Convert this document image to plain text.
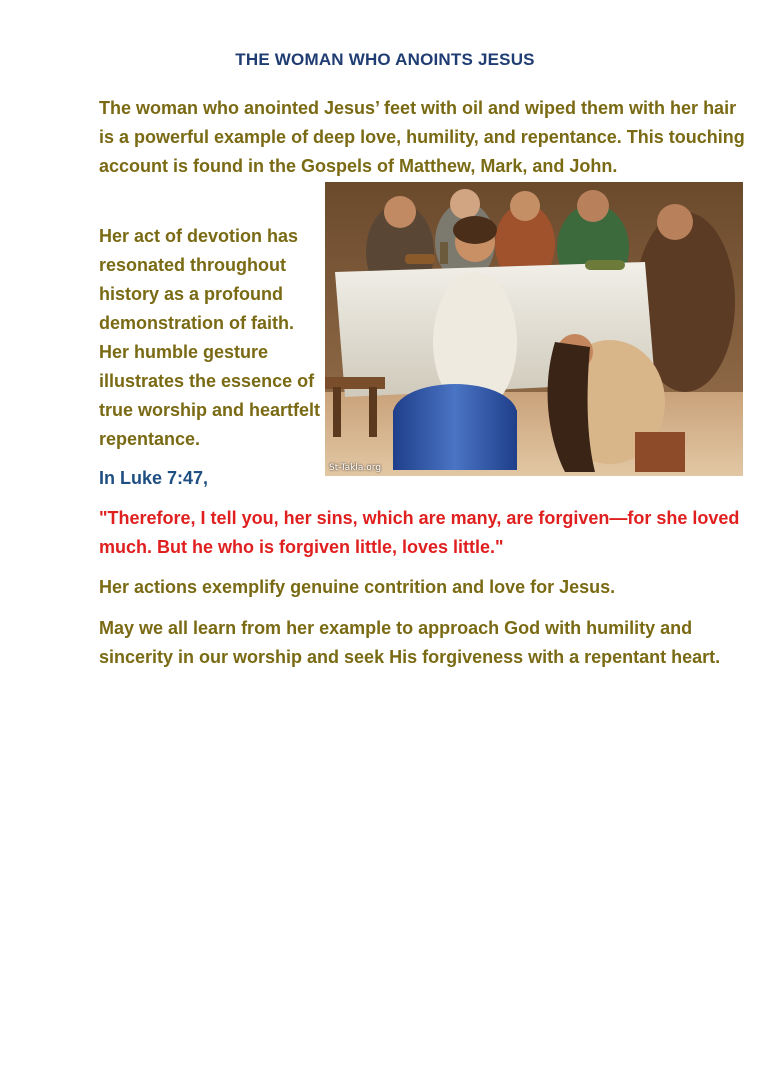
THE WOMAN WHO ANOINTS JESUS

The woman who anointed Jesus’ feet with oil and wiped them with her hair is a powerful example of deep love, humility, and repentance. This touching account is found in the Gospels of Matthew, Mark, and John.

Her act of devotion has resonated throughout history as a profound demonstration of faith. Her humble gesture illustrates the essence of true worship and heartfelt repentance.

St-Takla.org

In Luke 7:47,

"Therefore, I tell you, her sins, which are many, are forgiven—for she loved much. But he who is forgiven little, loves little."

Her actions exemplify genuine contrition and love for Jesus.

May we all learn from her example to approach God with humility and sincerity in our worship and seek His forgiveness with a repentant heart.
